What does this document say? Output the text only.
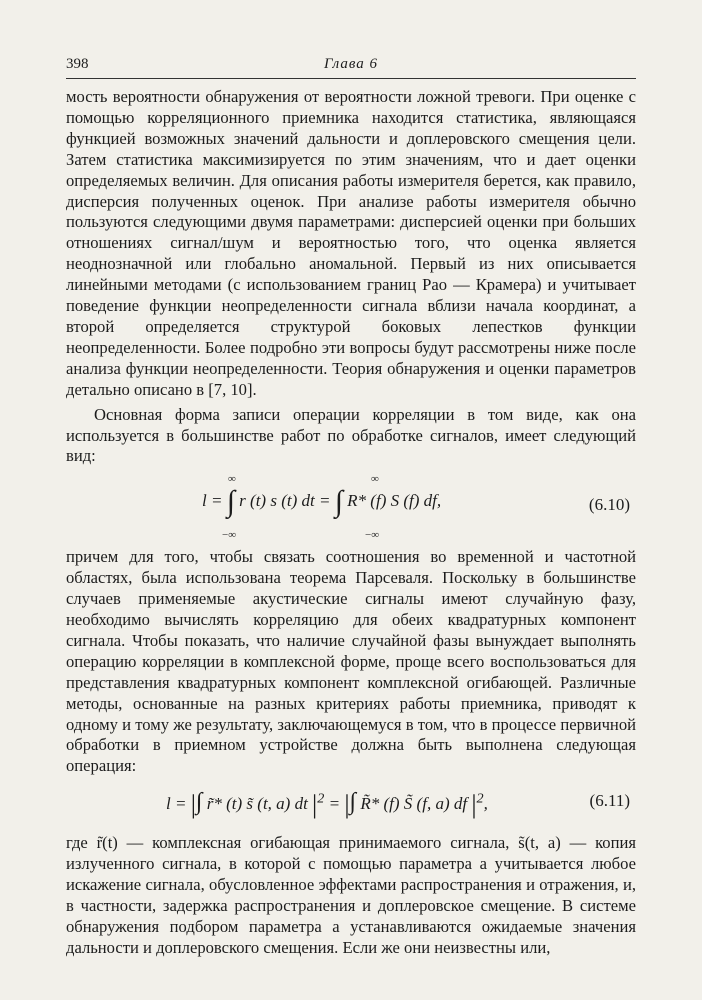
398	Глава 6

мость вероятности обнаружения от вероятности ложной тревоги. При оценке с помощью корреляционного приемника находится статистика, являющаяся функцией возможных значений дальности и доплеровского смещения цели. Затем статистика максимизируется по этим значениям, что и дает оценки определяемых величин. Для описания работы измерителя берется, как правило, дисперсия полученных оценок. При анализе работы измерителя обычно пользуются следующими двумя параметрами: дисперсией оценки при больших отношениях сигнал/шум и вероятностью того, что оценка является неоднозначной или глобально аномальной. Первый из них описывается линейными методами (с использованием границ Рао — Крамера) и учитывает поведение функции неопределенности сигнала вблизи начала координат, а второй определяется структурой боковых лепестков функции неопределенности. Более подробно эти вопросы будут рассмотрены ниже после анализа функции неопределенности. Теория обнаружения и оценки параметров детально описано в [7, 10].

Основная форма записи операции корреляции в том виде, как она используется в большинстве работ по обработке сигналов, имеет следующий вид:

l = ∫ r (t) s (t) dt = ∫ R* (f) S (f) df,
∞
−∞
∞
−∞
(6.10)

причем для того, чтобы связать соотношения во временной и частотной областях, была использована теорема Парсеваля. Поскольку в большинстве случаев применяемые акустические сигналы имеют случайную фазу, необходимо вычислять корреляцию для обеих квадратурных компонент сигнала. Чтобы показать, что наличие случайной фазы вынуждает выполнять операцию корреляции в комплексной форме, проще всего воспользоваться для представления квадратурных компонент комплексной огибающей. Различные методы, основанные на разных критериях работы приемника, приводят к одному и тому же результату, заключающемуся в том, что в процессе первичной обработки в приемном устройстве должна быть выполнена следующая операция:

l = |∫ r̃* (t) s̃ (t, a) dt $|^2$ = |∫ R̃* (f) S̃ (f, a) df $|^2$,	(6.11)

где r̃(t) — комплексная огибающая принимаемого сигнала, s̃(t, a) — копия излученного сигнала, в которой с помощью параметра a учитывается любое искажение сигнала, обусловленное эффектами распространения и отражения, и, в частности, задержка распространения и доплеровское смещение. В системе обнаружения подбором параметра a устанавливаются ожидаемые значения дальности и доплеровского смещения. Если же они неизвестны или,
